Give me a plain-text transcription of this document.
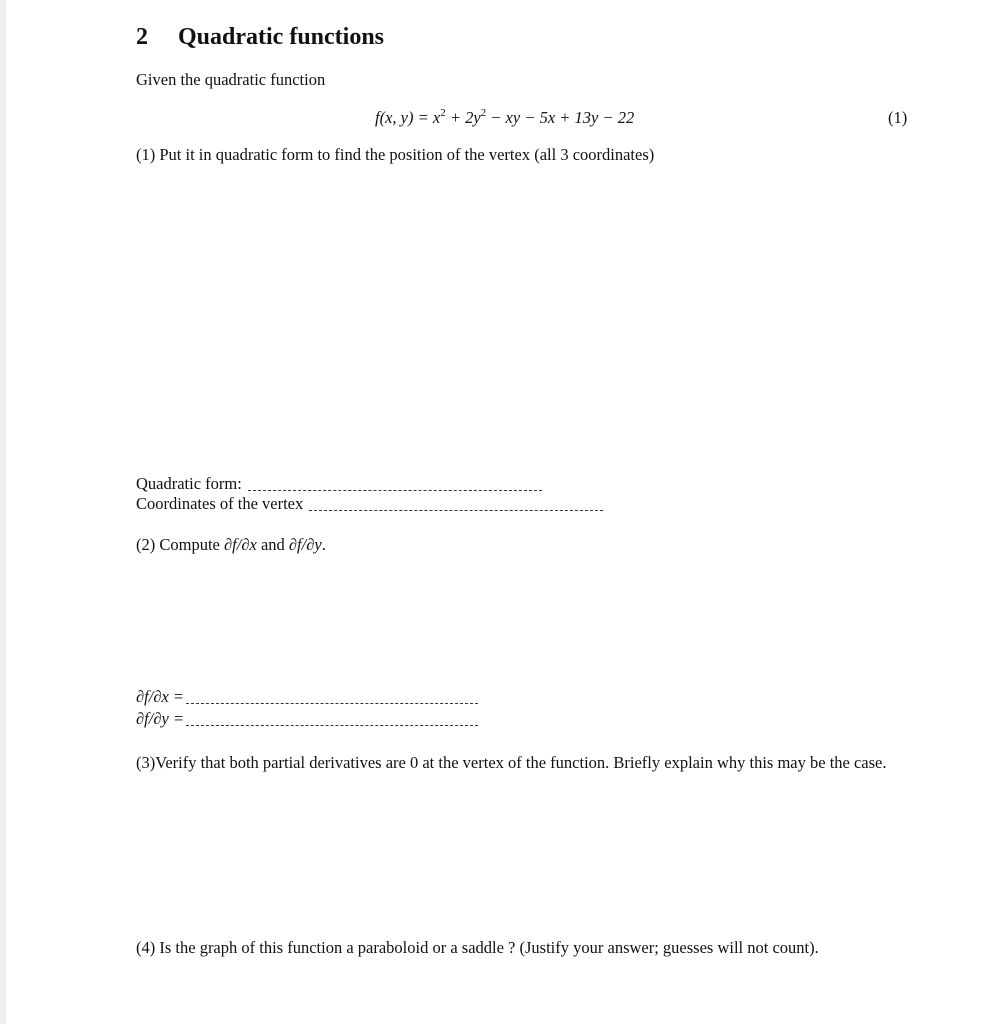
2 Quadratic functions
Given the quadratic function
f(x, $y) = x^2 + 2y^2$ − xy − 5x + 13y − 22	(1)
(1) Put it in quadratic form to find the position of the vertex (all 3 coordinates)
Quadratic form:
Coordinates of the vertex
(2) Compute ∂f/∂x and ∂f/∂y.
∂f/∂x =
∂f/∂y =
(3)Verify that both partial derivatives are 0 at the vertex of the function. Briefly explain why this may be the case.
(4) Is the graph of this function a paraboloid or a saddle ? (Justify your answer; guesses will not count).
